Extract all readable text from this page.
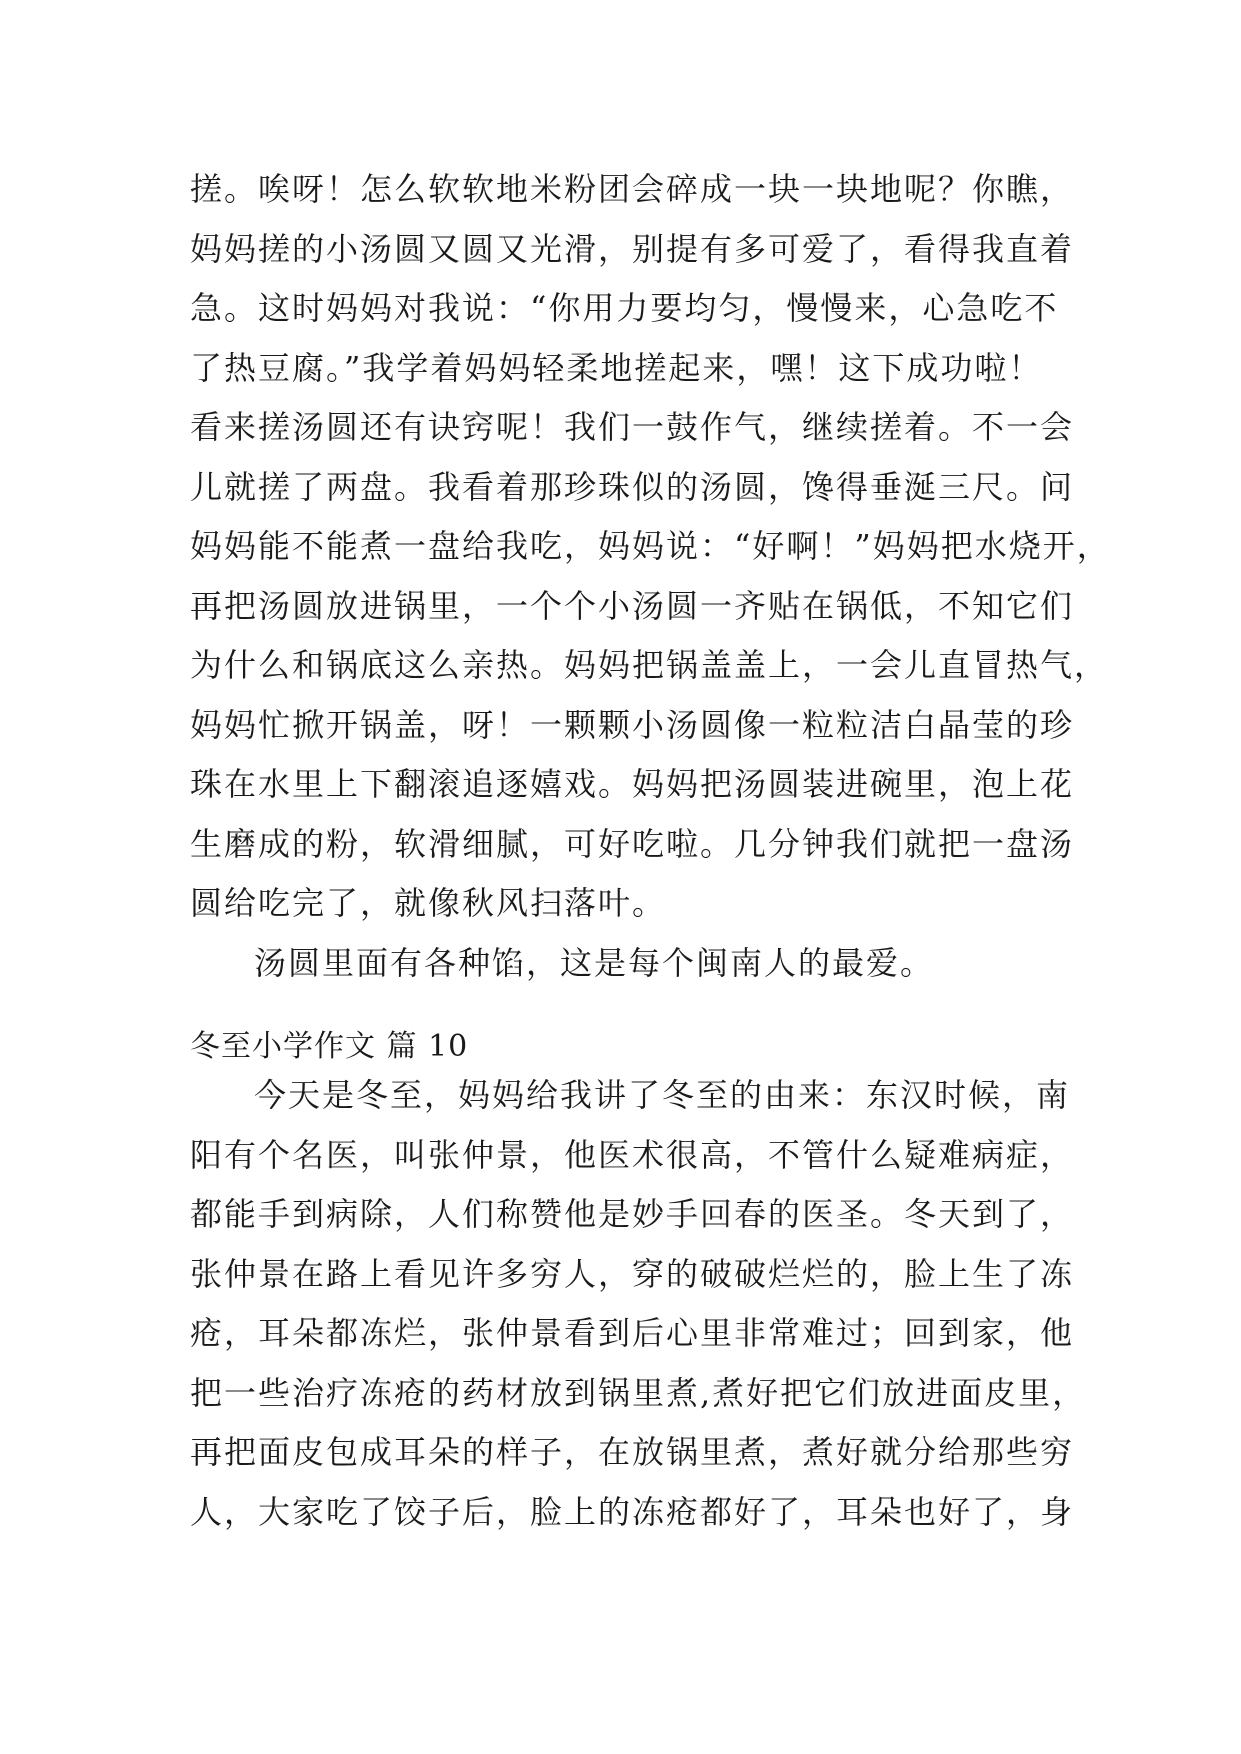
搓。唉呀！怎么软软地米粉团会碎成一块一块地呢？你瞧，
妈妈搓的小汤圆又圆又光滑，别提有多可爱了，看得我直着
急。这时妈妈对我说：“你用力要均匀，慢慢来，心急吃不
了热豆腐。”我学着妈妈轻柔地搓起来，嘿！这下成功啦！
看来搓汤圆还有诀窍呢！我们一鼓作气，继续搓着。不一会
儿就搓了两盘。我看着那珍珠似的汤圆，馋得垂涎三尺。问
妈妈能不能煮一盘给我吃，妈妈说：“好啊！”妈妈把水烧开，
再把汤圆放进锅里，一个个小汤圆一齐贴在锅低，不知它们
为什么和锅底这么亲热。妈妈把锅盖盖上，一会儿直冒热气，
妈妈忙掀开锅盖，呀！一颗颗小汤圆像一粒粒洁白晶莹的珍
珠在水里上下翻滚追逐嬉戏。妈妈把汤圆装进碗里，泡上花
生磨成的粉，软滑细腻，可好吃啦。几分钟我们就把一盘汤
圆给吃完了，就像秋风扫落叶。
汤圆里面有各种馅，这是每个闽南人的最爱。
冬至小学作文 篇 10
今天是冬至，妈妈给我讲了冬至的由来：东汉时候，南
阳有个名医，叫张仲景，他医术很高，不管什么疑难病症，
都能手到病除，人们称赞他是妙手回春的医圣。冬天到了，
张仲景在路上看见许多穷人，穿的破破烂烂的，脸上生了冻
疮，耳朵都冻烂，张仲景看到后心里非常难过；回到家，他
把一些治疗冻疮的药材放到锅里煮,煮好把它们放进面皮里，
再把面皮包成耳朵的样子，在放锅里煮，煮好就分给那些穷
人，大家吃了饺子后，脸上的冻疮都好了，耳朵也好了，身
